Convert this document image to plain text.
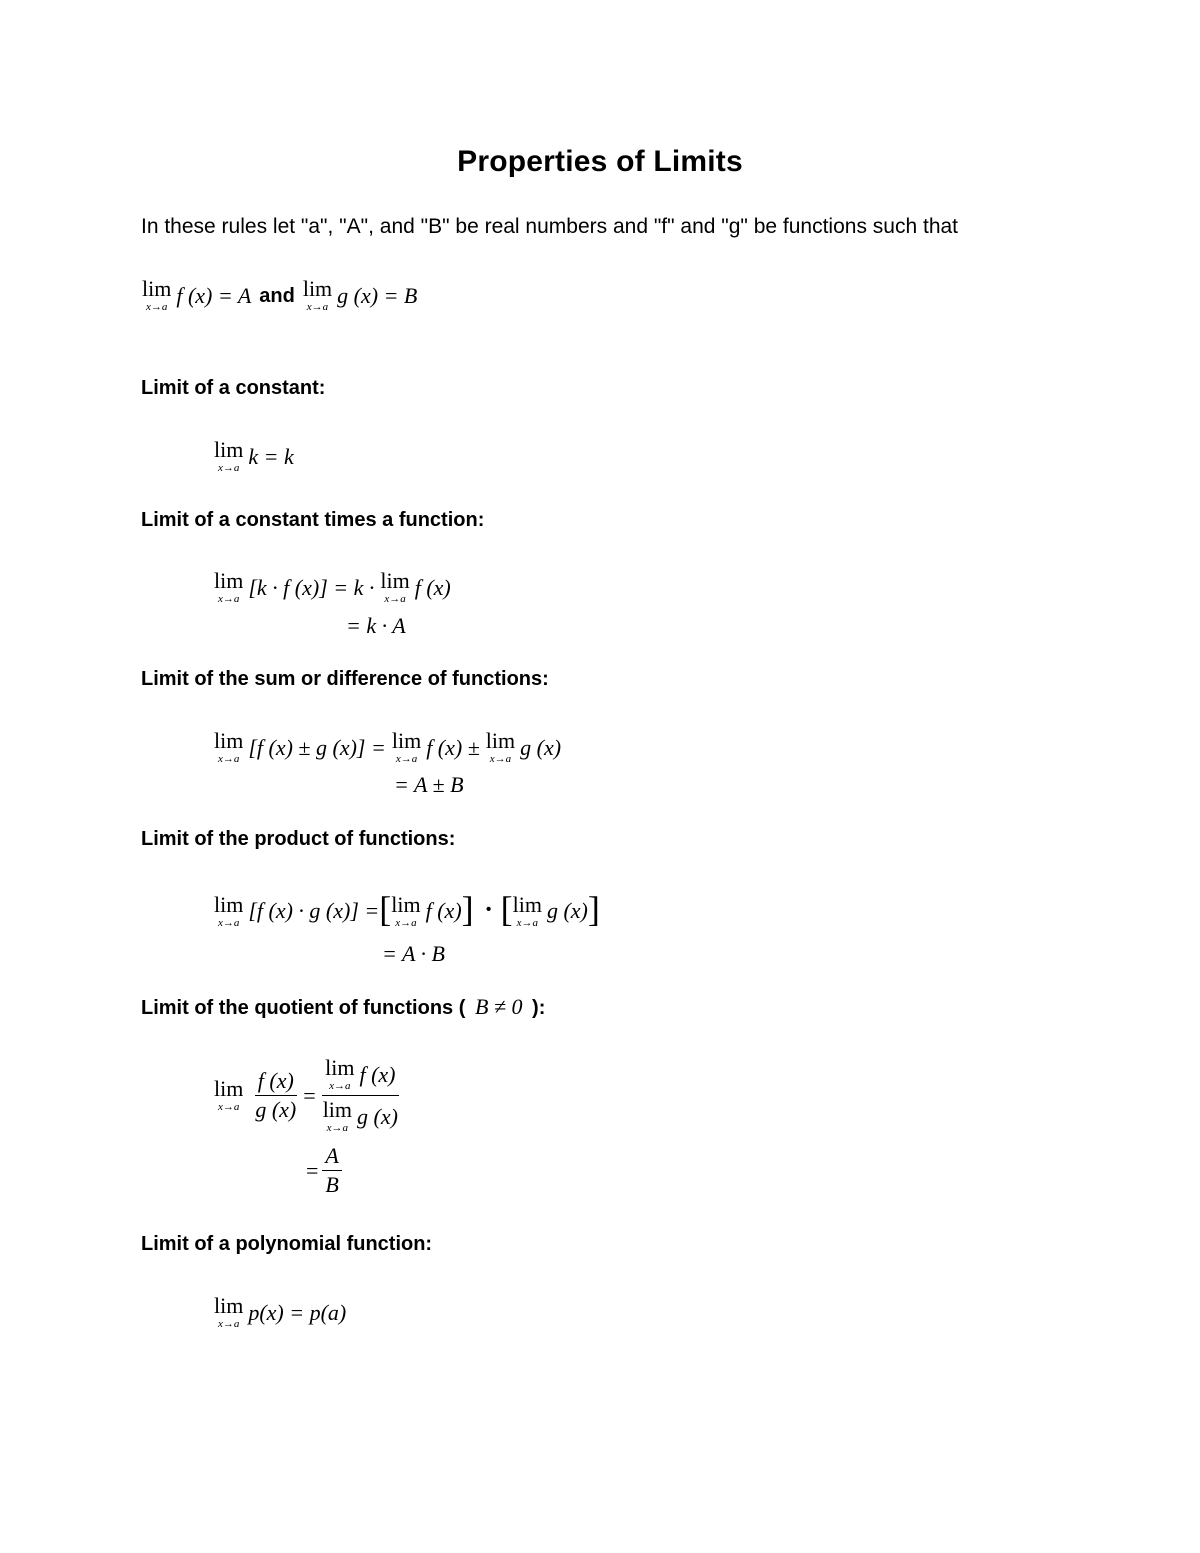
Properties of Limits
In these rules let "a", "A", and "B" be real numbers and "f" and "g" be functions such that
lim
x→a f (x) = A and lim
x→a g (x) = B
Limit of a constant:
lim
x→a k = k
Limit of a constant times a function:
lim
x→a [k · f (x)] = k · lim
x→a f (x)
= k · A
Limit of the sum or difference of functions:
lim
x→a [f (x) ± g (x)] = lim
x→a f (x) ± lim
x→a g (x)
= A ± B
Limit of the product of functions:
lim
x→a [f (x) · g (x)] = [ lim
x→a f (x) ] · [ lim
x→a g (x) ]
= A · B
Limit of the quotient of functions ( B ≠ 0 ):
lim
$x\to a \frac{f (x)}{g (x)} = \lim$
x→a f (x)
lim
x→a g (x)
= $\frac{A}{B}$
Limit of a polynomial function:
lim
x→a p(x) = p(a)
